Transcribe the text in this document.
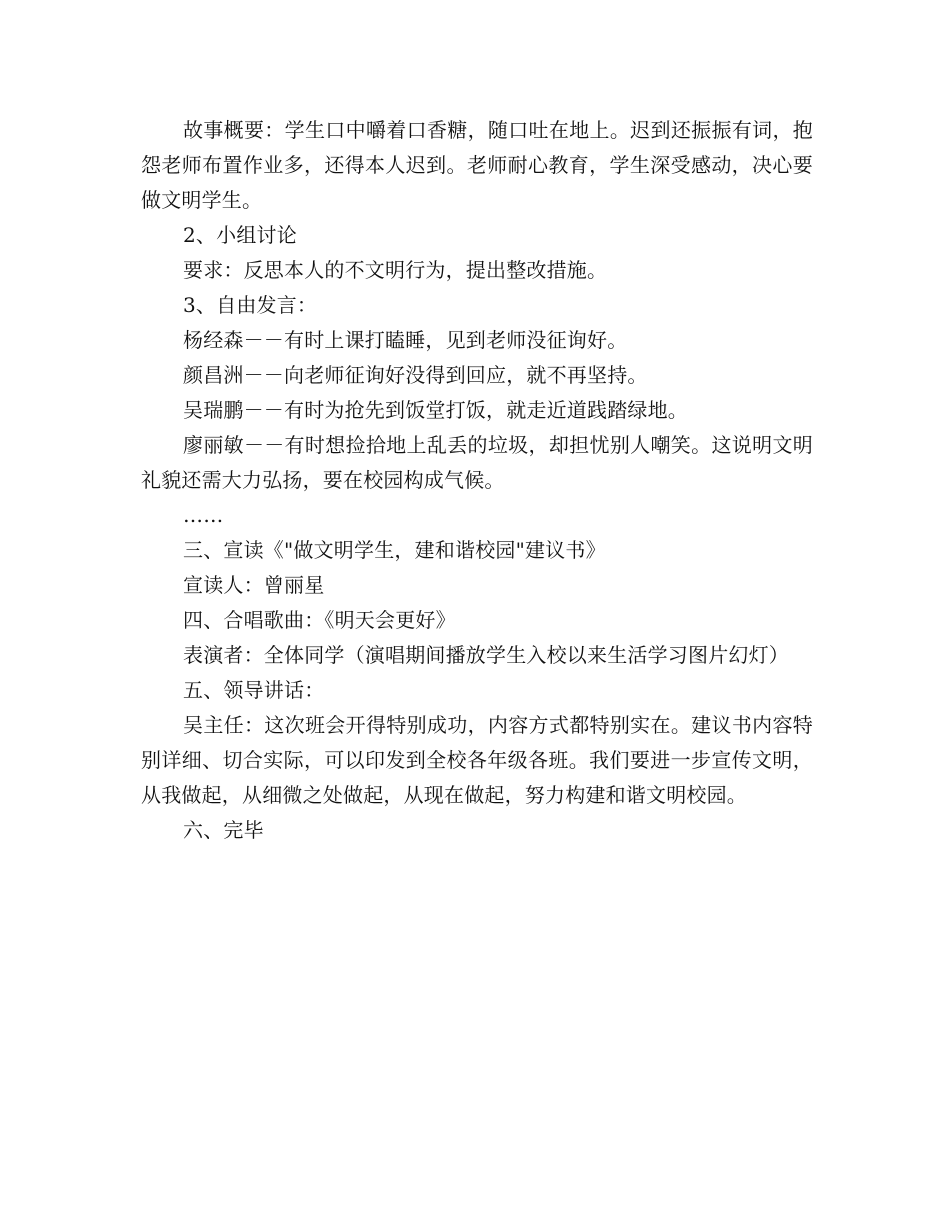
故事概要：学生口中嚼着口香糖，随口吐在地上。迟到还振振有词，抱怨老师布置作业多，还得本人迟到。老师耐心教育，学生深受感动，决心要做文明学生。

2、小组讨论

要求：反思本人的不文明行为，提出整改措施。

3、自由发言：

杨经森－－有时上课打瞌睡，见到老师没征询好。

颜昌洲－－向老师征询好没得到回应，就不再坚持。

吴瑞鹏－－有时为抢先到饭堂打饭，就走近道践踏绿地。

廖丽敏－－有时想捡拾地上乱丢的垃圾，却担忧别人嘲笑。这说明文明礼貌还需大力弘扬，要在校园构成气候。

……

三、宣读《"做文明学生，建和谐校园"建议书》

宣读人：曾丽星

四、合唱歌曲：《明天会更好》

表演者：全体同学（演唱期间播放学生入校以来生活学习图片幻灯）

五、领导讲话：

吴主任：这次班会开得特别成功，内容方式都特别实在。建议书内容特别详细、切合实际，可以印发到全校各年级各班。我们要进一步宣传文明，从我做起，从细微之处做起，从现在做起，努力构建和谐文明校园。

六、完毕
